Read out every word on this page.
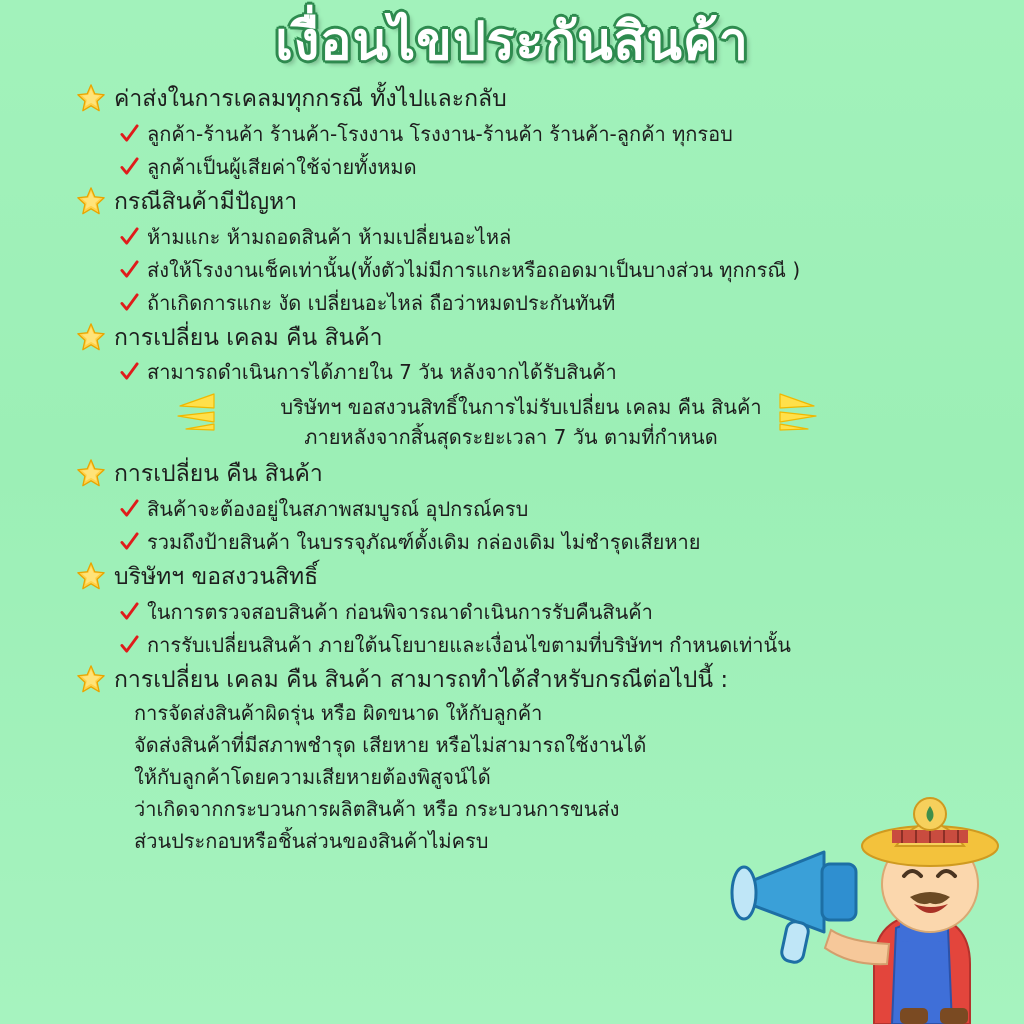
เงื่อนไขประกันสินค้า
ค่าส่งในการเคลมทุกกรณี ทั้งไปและกลับ
ลูกค้า-ร้านค้า ร้านค้า-โรงงาน โรงงาน-ร้านค้า ร้านค้า-ลูกค้า ทุกรอบ
ลูกค้าเป็นผู้เสียค่าใช้จ่ายทั้งหมด
กรณีสินค้ามีปัญหา
ห้ามแกะ ห้ามถอดสินค้า ห้ามเปลี่ยนอะไหล่
ส่งให้โรงงานเช็คเท่านั้น(ทั้งตัวไม่มีการแกะหรือถอดมาเป็นบางส่วน ทุกกรณี )
ถ้าเกิดการแกะ งัด เปลี่ยนอะไหล่ ถือว่าหมดประกันทันที
การเปลี่ยน เคลม คืน สินค้า
สามารถดำเนินการได้ภายใน 7 วัน หลังจากได้รับสินค้า
บริษัทฯ ขอสงวนสิทธิ์ในการไม่รับเปลี่ยน เคลม คืน สินค้า
ภายหลังจากสิ้นสุดระยะเวลา 7 วัน ตามที่กำหนด
การเปลี่ยน คืน สินค้า
สินค้าจะต้องอยู่ในสภาพสมบูรณ์ อุปกรณ์ครบ
รวมถึงป้ายสินค้า ในบรรจุภัณฑ์ดั้งเดิม กล่องเดิม ไม่ชำรุดเสียหาย
บริษัทฯ ขอสงวนสิทธิ์
ในการตรวจสอบสินค้า ก่อนพิจารณาดำเนินการรับคืนสินค้า
การรับเปลี่ยนสินค้า ภายใต้นโยบายและเงื่อนไขตามที่บริษัทฯ กำหนดเท่านั้น
การเปลี่ยน เคลม คืน สินค้า สามารถทำได้สำหรับกรณีต่อไปนี้ :
การจัดส่งสินค้าผิดรุ่น หรือ ผิดขนาด ให้กับลูกค้า
จัดส่งสินค้าที่มีสภาพชำรุด เสียหาย หรือไม่สามารถใช้งานได้
ให้กับลูกค้าโดยความเสียหายต้องพิสูจน์ได้
ว่าเกิดจากกระบวนการผลิตสินค้า หรือ กระบวนการขนส่ง
ส่วนประกอบหรือชิ้นส่วนของสินค้าไม่ครบ
